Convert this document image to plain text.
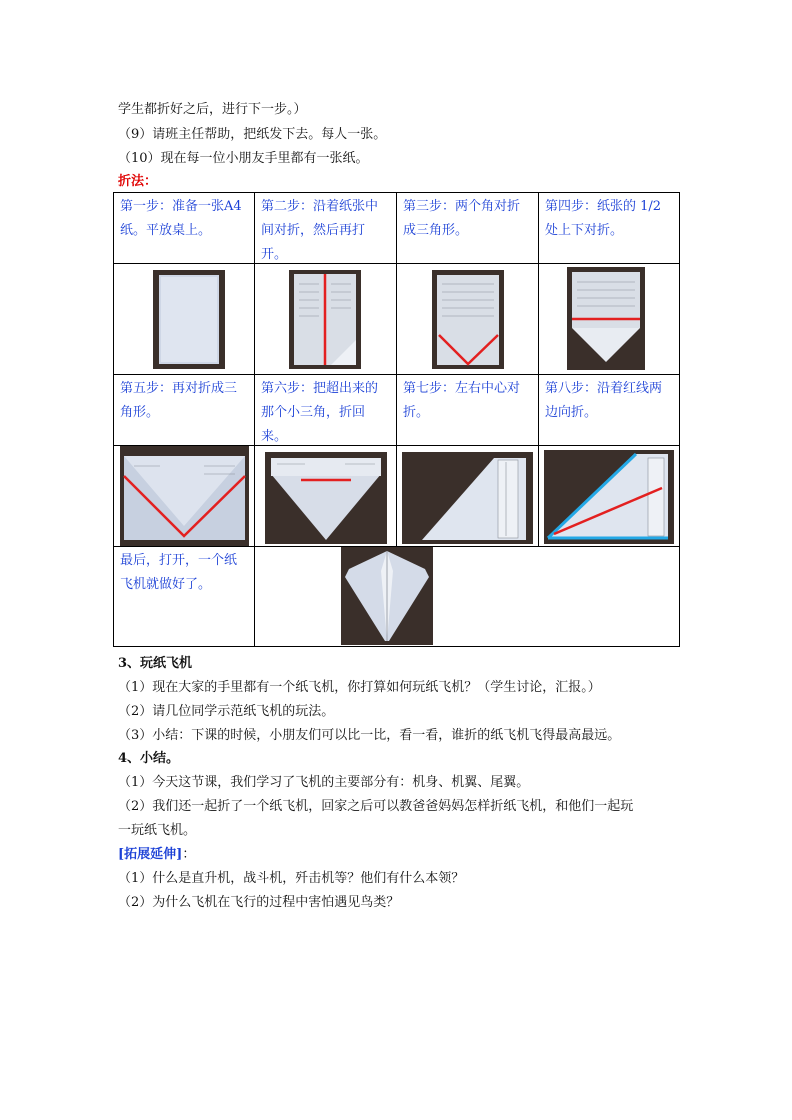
学生都折好之后，进行下一步。）
（9）请班主任帮助，把纸发下去。每人一张。
（10）现在每一位小朋友手里都有一张纸。
折法：
第一步：准备一张A4纸。平放桌上。
第二步：沿着纸张中间对折，然后再打开。
第三步：两个角对折成三角形。
第四步：纸张的 1/2 处上下对折。
第五步：再对折成三角形。
第六步：把超出来的那个小三角，折回来。
第七步：左右中心对折。
第八步：沿着红线两边向折。
最后，打开，一个纸飞机就做好了。
3、玩纸飞机
（1）现在大家的手里都有一个纸飞机，你打算如何玩纸飞机？（学生讨论，汇报。）
（2）请几位同学示范纸飞机的玩法。
（3）小结：下课的时候，小朋友们可以比一比，看一看，谁折的纸飞机飞得最高最远。
4、小结。
（1）今天这节课，我们学习了飞机的主要部分有：机身、机翼、尾翼。
（2）我们还一起折了一个纸飞机，回家之后可以教爸爸妈妈怎样折纸飞机，和他们一起玩
一玩纸飞机。
[拓展延伸]：
（1）什么是直升机，战斗机，歼击机等？他们有什么本领？
（2）为什么飞机在飞行的过程中害怕遇见鸟类？
